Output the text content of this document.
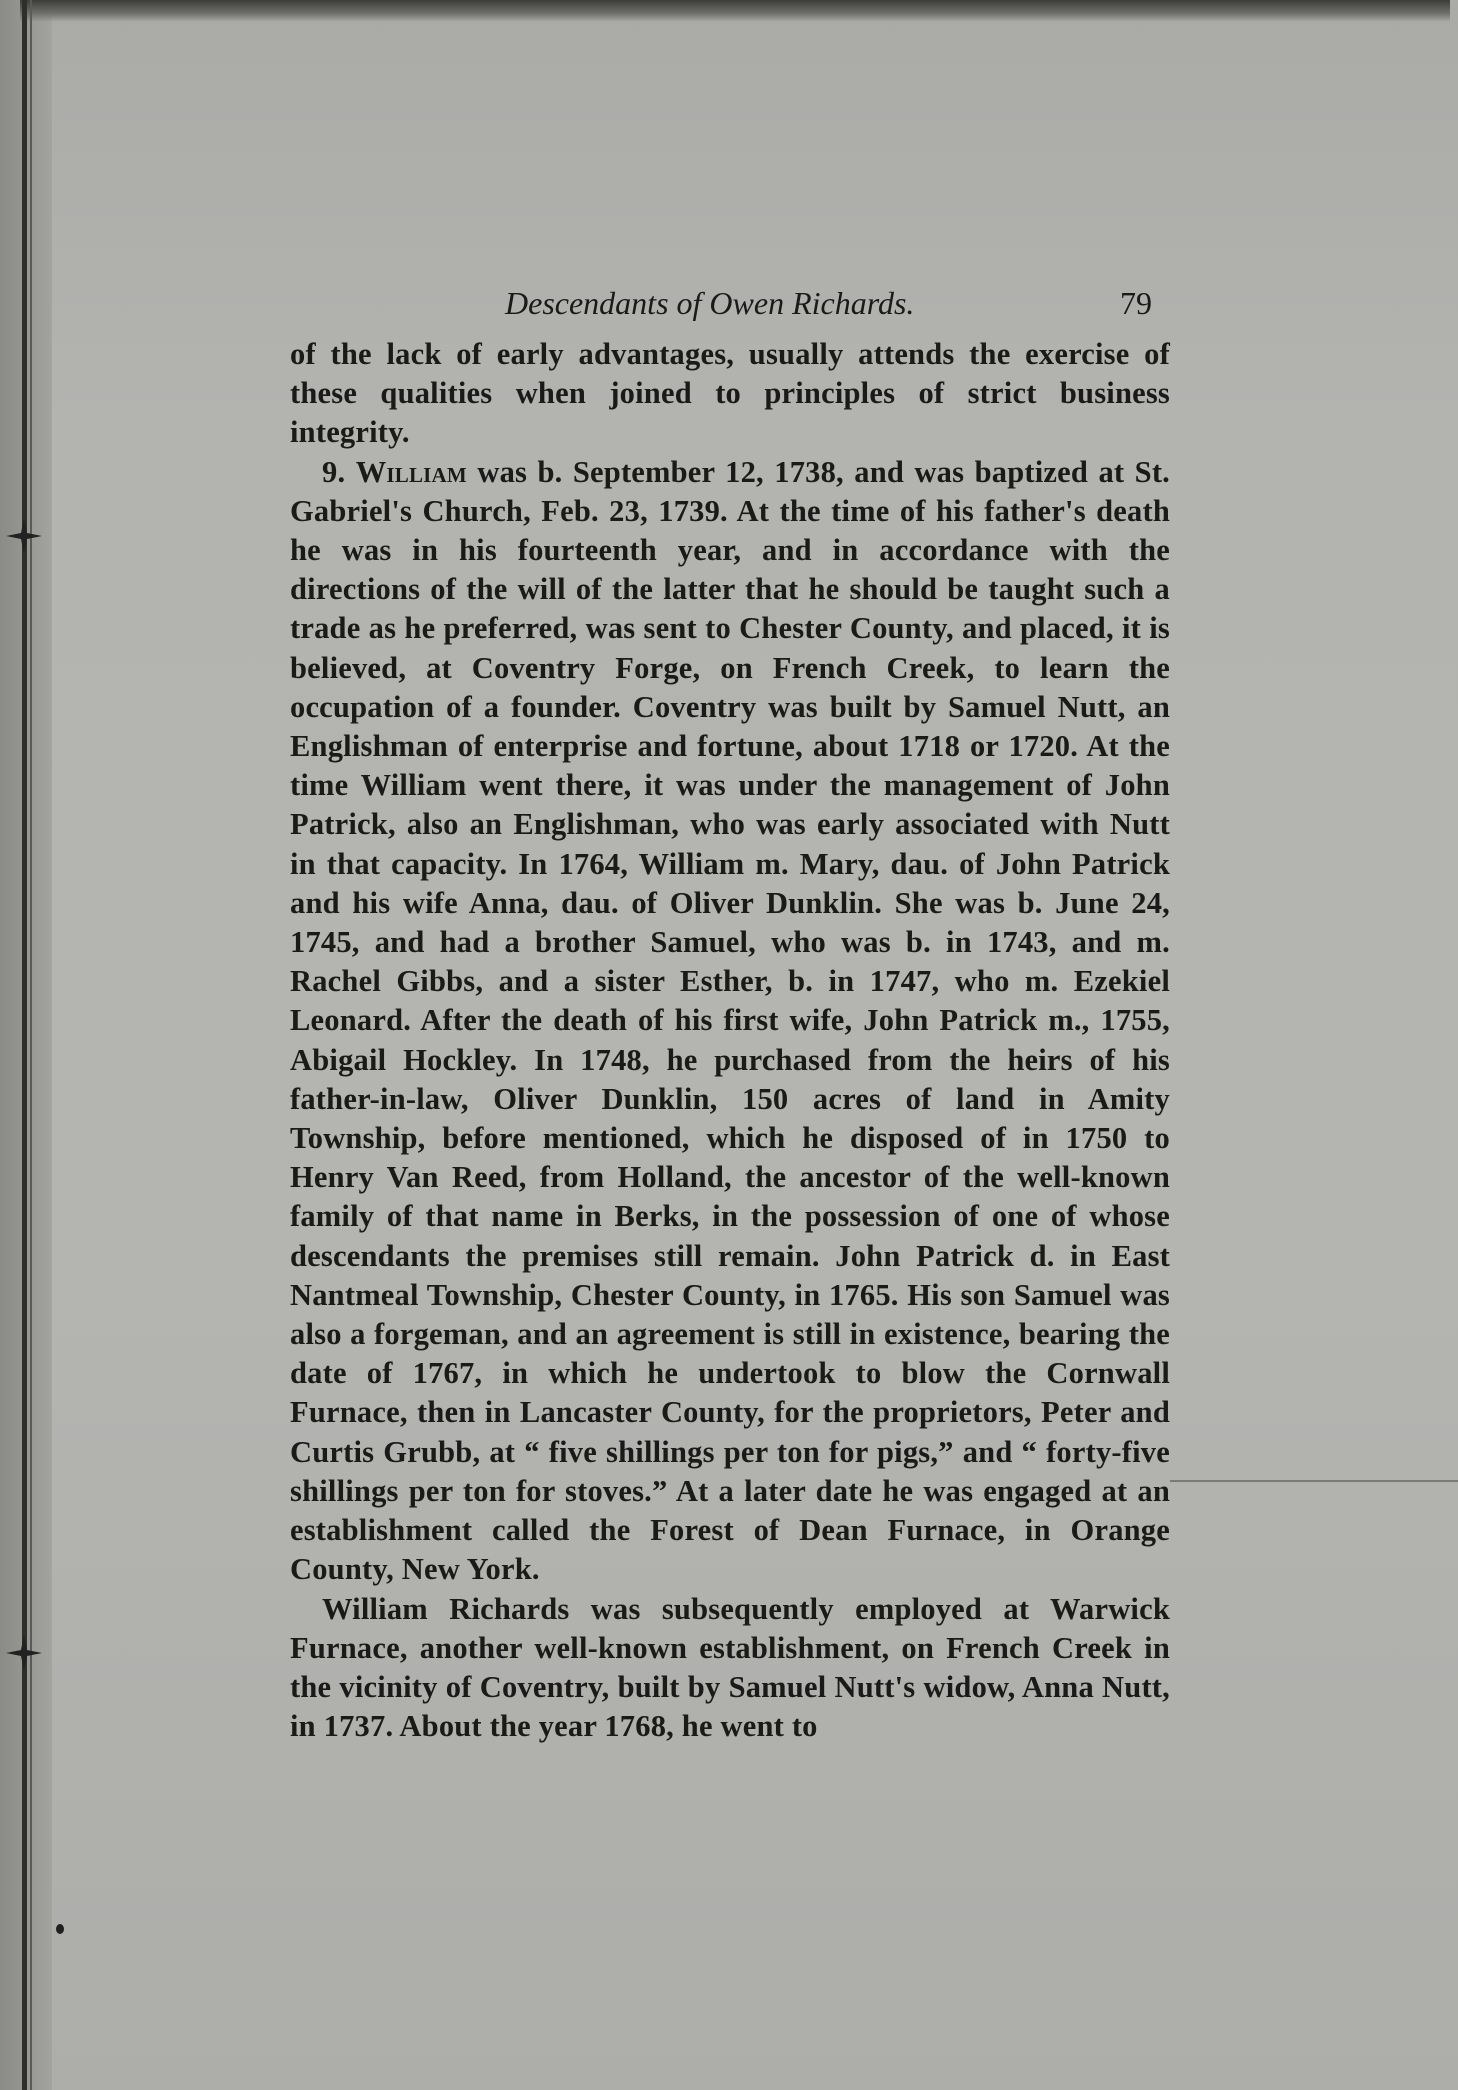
Descendants of Owen Richards.	79

of the lack of early advantages, usually attends the exercise of these qualities when joined to principles of strict business integrity.

9. William was b. September 12, 1738, and was baptized at St. Gabriel's Church, Feb. 23, 1739. At the time of his father's death he was in his fourteenth year, and in accordance with the directions of the will of the latter that he should be taught such a trade as he preferred, was sent to Chester County, and placed, it is believed, at Coventry Forge, on French Creek, to learn the occupation of a founder. Coventry was built by Samuel Nutt, an Englishman of enterprise and fortune, about 1718 or 1720. At the time William went there, it was under the management of John Patrick, also an Englishman, who was early associated with Nutt in that capacity. In 1764, William m. Mary, dau. of John Patrick and his wife Anna, dau. of Oliver Dunklin. She was b. June 24, 1745, and had a brother Samuel, who was b. in 1743, and m. Rachel Gibbs, and a sister Esther, b. in 1747, who m. Ezekiel Leonard. After the death of his first wife, John Patrick m., 1755, Abigail Hockley. In 1748, he purchased from the heirs of his father-in-law, Oliver Dunklin, 150 acres of land in Amity Township, before mentioned, which he disposed of in 1750 to Henry Van Reed, from Holland, the ancestor of the well-known family of that name in Berks, in the possession of one of whose descendants the premises still remain. John Patrick d. in East Nantmeal Township, Chester County, in 1765. His son Samuel was also a forgeman, and an agreement is still in existence, bearing the date of 1767, in which he undertook to blow the Cornwall Furnace, then in Lancaster County, for the proprietors, Peter and Curtis Grubb, at “ five shillings per ton for pigs,” and “ forty-five shillings per ton for stoves.” At a later date he was engaged at an establishment called the Forest of Dean Furnace, in Orange County, New York.

William Richards was subsequently employed at Warwick Furnace, another well-known establishment, on French Creek in the vicinity of Coventry, built by Samuel Nutt's widow, Anna Nutt, in 1737. About the year 1768, he went to
